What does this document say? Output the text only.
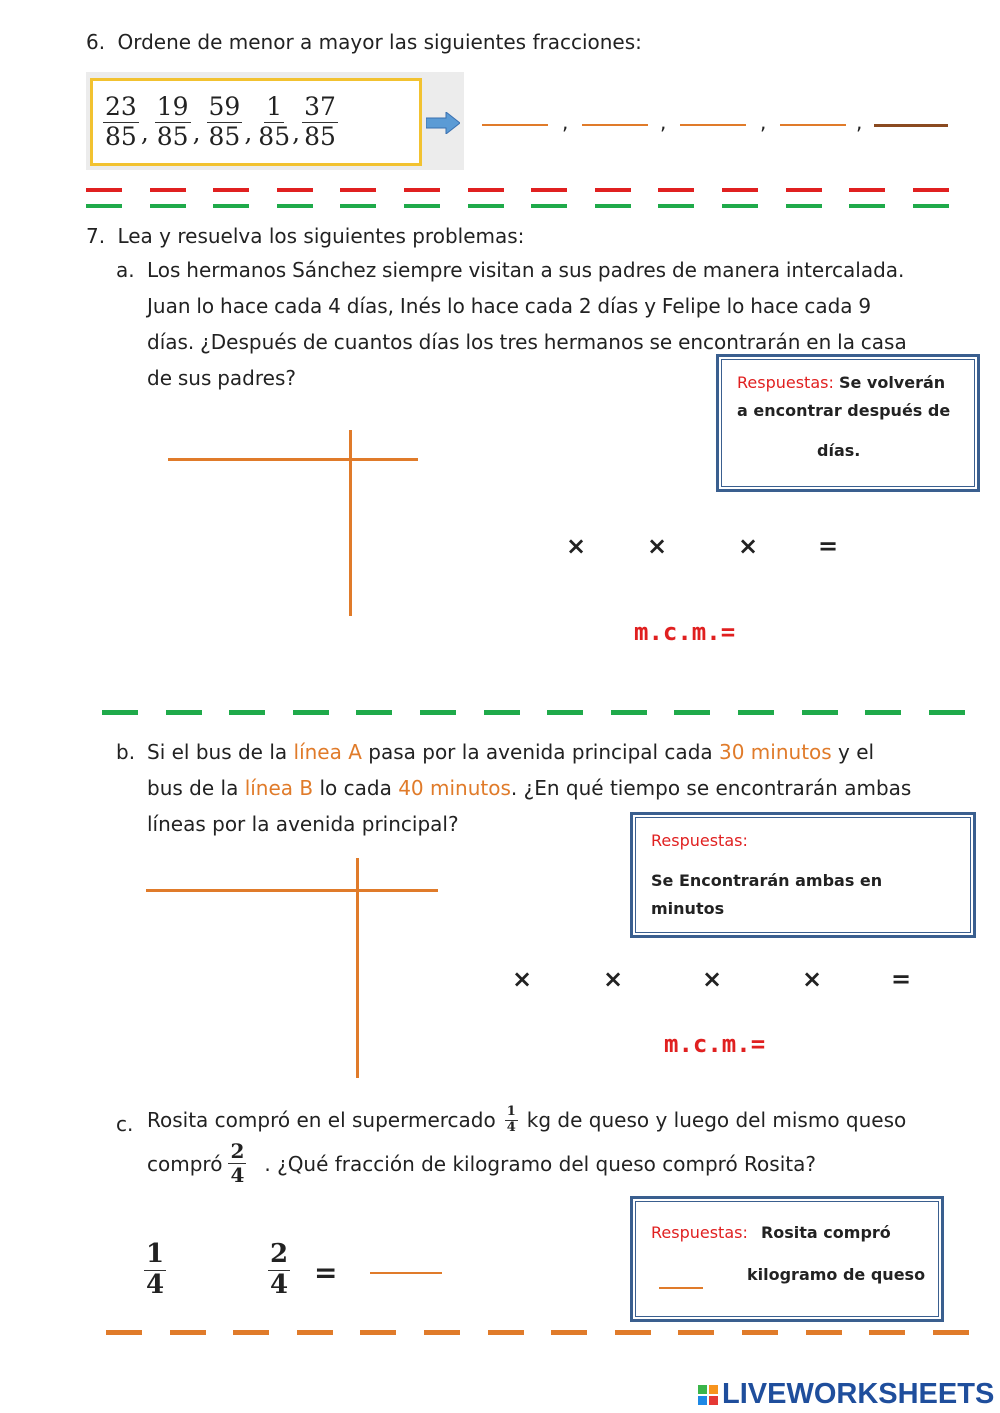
6. Ordene de menor a mayor las siguientes fracciones:
$\frac{23}{85}$ , $\frac{19}{85}$ , $\frac{59}{85}$ , $\frac{1}{85}$ , $\frac{37}{85}$	,	,	,	,
7. Lea y resuelva los siguientes problemas:
a. Los hermanos Sánchez siempre visitan a sus padres de manera intercalada.
Juan lo hace cada 4 días, Inés lo hace cada 2 días y Felipe lo hace cada 9
días. ¿Después de cuantos días los tres hermanos se encontrarán en la casa
de sus padres?	Respuestas: Se volverán
a encontrar después de
días.
×	×	× =
m.c.m.=
b. Si el bus de la línea A pasa por la avenida principal cada 30 minutos y el
bus de la línea B lo cada 40 minutos. ¿En qué tiempo se encontrarán ambas
líneas por la avenida principal?
Respuestas:
Se Encontrarán ambas en
minutos
×	×	×	×	=
m.c.m.=
c. Rosita compró en el supermercado $\frac{1}{4}$ kg de queso y luego del mismo queso
compró $\frac{2}{4}$ . ¿Qué fracción de kilogramo del queso compró Rosita?
$\frac{1}{4}$	$\frac{2}{4}$ =
Respuestas: Rosita compró
kilogramo de queso
LIVEWORKSHEETS
